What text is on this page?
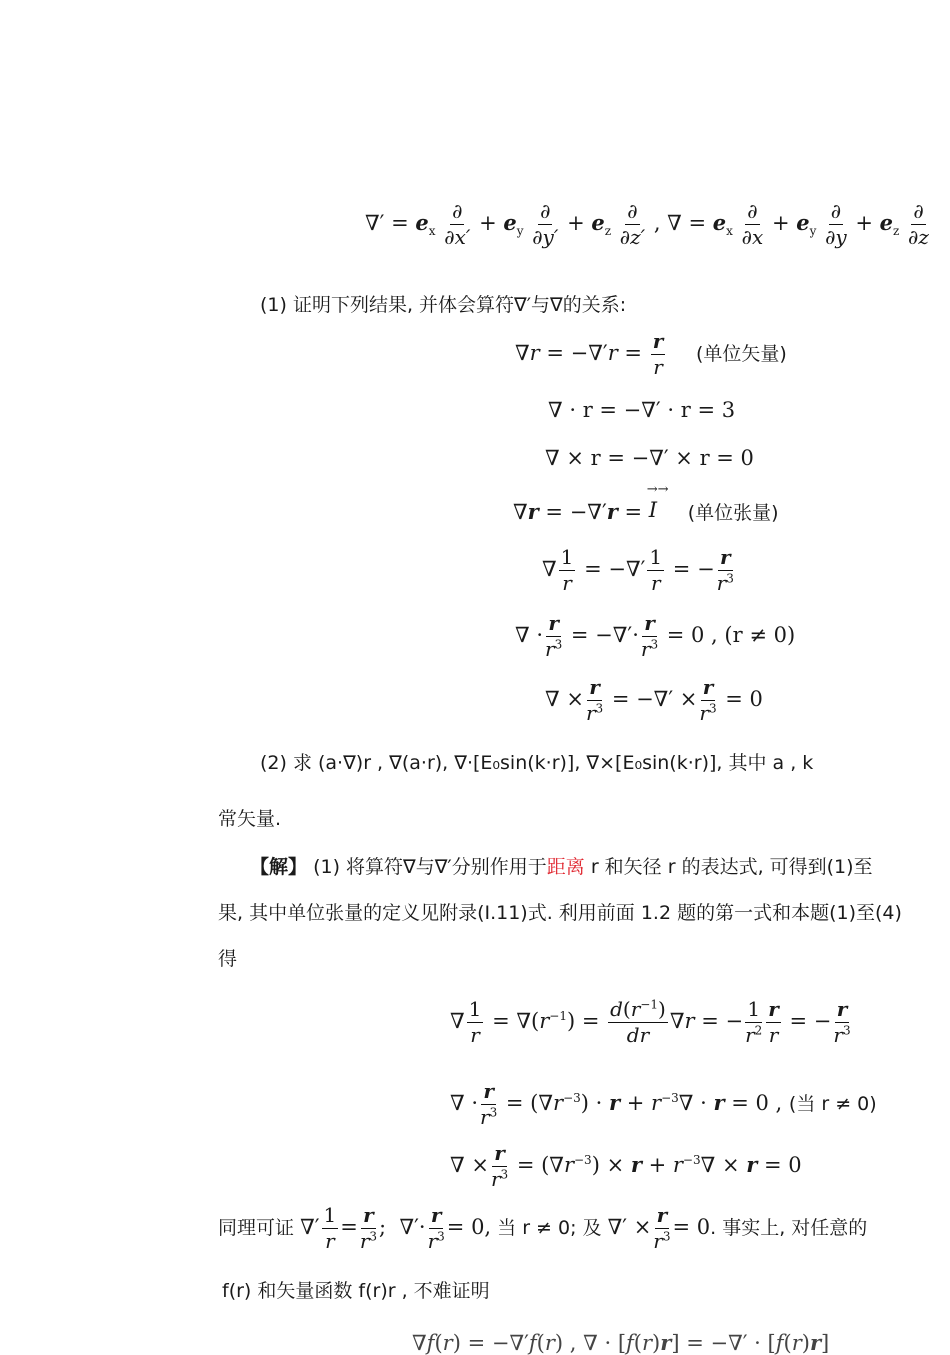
∇′ = $e_x \frac{\partial}{\partial x'} + e_y \frac{\partial}{\partial y'} + e_z \frac{\partial}{\partial z'}$ , ∇ = $e_x \frac{\partial}{\partial x} + e_y \frac{\partial}{\partial y} + e_z \frac{\partial}{\partial z}$
(1) 证明下列结果, 并体会算符∇′与∇的关系:
$\nabla r = -\nabla'r = \frac{r}{r}$ (单位矢量)
∇ · r = −∇′ · r = 3
∇ × r = −∇′ × r = 0
∇r = −∇′r =
→→
I (单位张量)
∇ $\frac{1}{r}$ = −∇′ $\frac{1}{r}$ = − $\frac{r}{r^3}$
∇ · $\frac{r}{r^3}$ = −∇′· $\frac{r}{r^3} = 0$ , (r ≠ 0)
∇ × $\frac{r}{r^3}$ = −∇′ × $\frac{r}{r^3} = 0$
(2) 求 (a·∇)r , ∇(a·r), ∇·[E₀sin(k·r)], ∇×[E₀sin(k·r)], 其中 a , k
常矢量.
【解】 (1) 将算符∇与∇′分别作用于距离 r 和矢径 r 的表达式, 可得到(1)至
果, 其中单位张量的定义见附录(Ⅰ.11)式. 利用前面 1.2 题的第一式和本题(1)至(4)
得
∇ $\frac{1}{r} = \nabla(r^{-1}) = \frac{d(r^{-1})}{dr} \nabla r$ = − $\frac{1}{r^2} \frac{r}{r}$ = − $\frac{r}{r^3}$
∇ · $\frac{r}{r^3} = (\nabla r^{-3}) \cdot r + r^{-3}\nabla \cdot r = 0$ , (当 r ≠ 0)
∇ × $\frac{r}{r^3} = (\nabla r^{-3}) \times r + r^{-3}\nabla \times r = 0$
同理可证 ∇′ $\frac{1}{r} = \frac{r}{r^3}$ ;  ∇′· $\frac{r}{r^3} = 0$, 当 r ≠ 0; 及 ∇′ × $\frac{r}{r^3} = 0$. 事实上, 对任意的
f(r) 和矢量函数 f(r)r , 不难证明
∇f(r) = −∇′f(r) , ∇ · [f(r)r] = −∇′ · [f(r)r]
